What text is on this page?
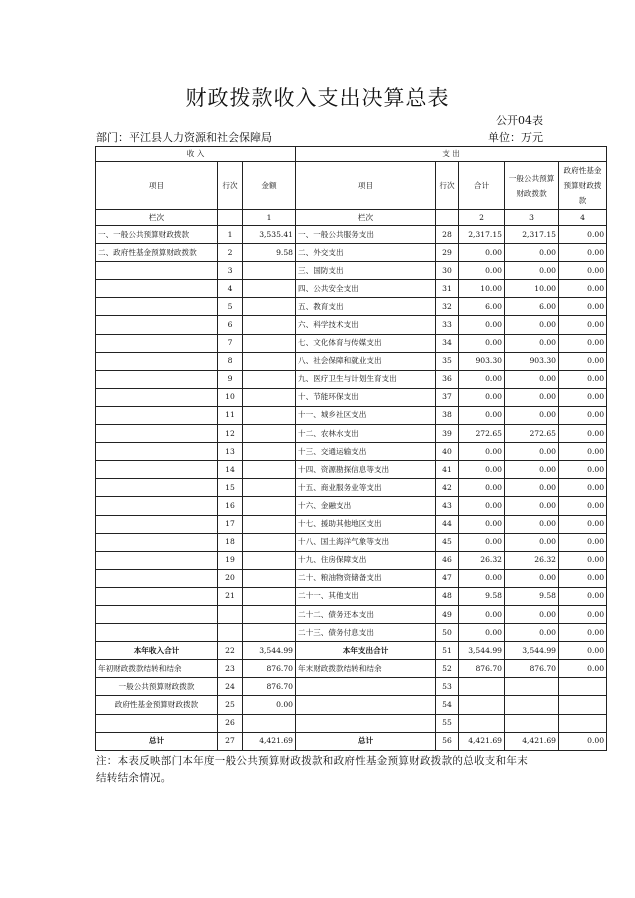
财政拨款收入支出决算总表
公开04表
部门：平江县人力资源和社会保障局	单位：万元
收 入			支 出				
项目	行次	金额	项目	行次	合计	一般公共预算财政拨款	政府性基金预算财政拨款
栏次		1	栏次		2	3	4
一、一般公共预算财政拨款	1	3,535.41	一、一般公共服务支出	28	2,317.15	2,317.15	0.00
二、政府性基金预算财政拨款	2	9.58	二、外交支出	29	0.00	0.00	0.00
	3		三、国防支出	30	0.00	0.00	0.00
	4		四、公共安全支出	31	10.00	10.00	0.00
	5		五、教育支出	32	6.00	6.00	0.00
	6		六、科学技术支出	33	0.00	0.00	0.00
	7		七、文化体育与传媒支出	34	0.00	0.00	0.00
	8		八、社会保障和就业支出	35	903.30	903.30	0.00
	9		九、医疗卫生与计划生育支出	36	0.00	0.00	0.00
	10		十、节能环保支出	37	0.00	0.00	0.00
	11		十一、城乡社区支出	38	0.00	0.00	0.00
	12		十二、农林水支出	39	272.65	272.65	0.00
	13		十三、交通运输支出	40	0.00	0.00	0.00
	14		十四、资源勘探信息等支出	41	0.00	0.00	0.00
	15		十五、商业服务业等支出	42	0.00	0.00	0.00
	16		十六、金融支出	43	0.00	0.00	0.00
	17		十七、援助其他地区支出	44	0.00	0.00	0.00
	18		十八、国土海洋气象等支出	45	0.00	0.00	0.00
	19		十九、住房保障支出	46	26.32	26.32	0.00
	20		二十、粮油物资储备支出	47	0.00	0.00	0.00
	21		二十一、其他支出	48	9.58	9.58	0.00
			二十二、债务还本支出	49	0.00	0.00	0.00
			二十三、债务付息支出	50	0.00	0.00	0.00
本年收入合计	22	3,544.99	本年支出合计	51	3,544.99	3,544.99	0.00
年初财政拨款结转和结余	23	876.70	年末财政拨款结转和结余	52	876.70	876.70	0.00
一般公共预算财政拨款	24	876.70		53			
政府性基金预算财政拨款	25	0.00		54			
	26			55			
总计	27	4,421.69	总计	56	4,421.69	4,421.69	0.00
注：本表反映部门本年度一般公共预算财政拨款和政府性基金预算财政拨款的总收支和年末
结转结余情况。
